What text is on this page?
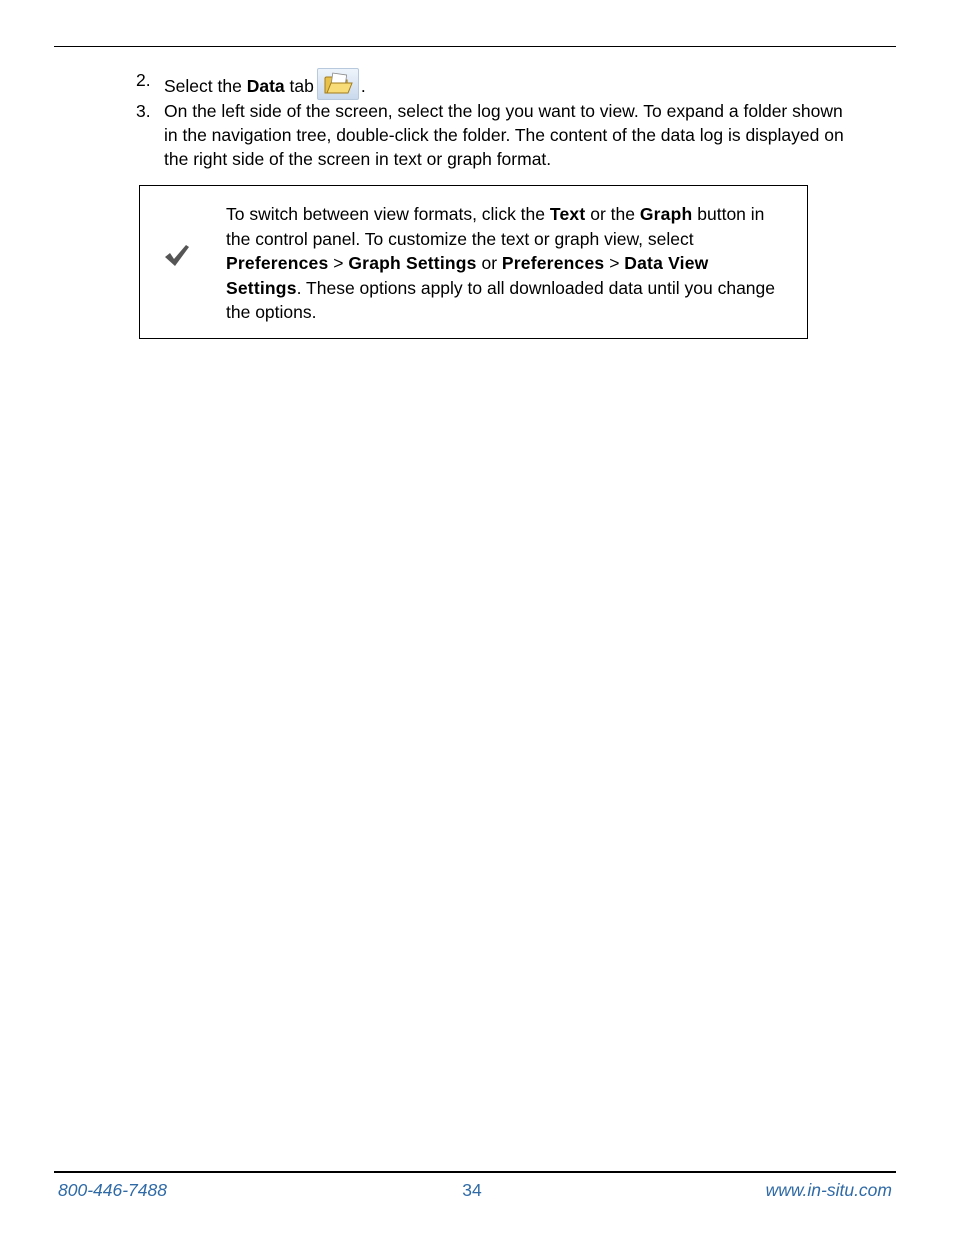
2. Select the Data tab	.
3. On the left side of the screen, select the log you want to view. To expand a folder shown in the navigation tree, double-click the folder. The content of the data log is displayed on the right side of the screen in text or graph format.
To switch between view formats, click the Text or the Graph button in the control panel. To customize the text or graph view, select Preferences > Graph Settings or Preferences > Data View Settings. These options apply to all downloaded data until you change the options.
800-446-7488	34	www.in-situ.com
